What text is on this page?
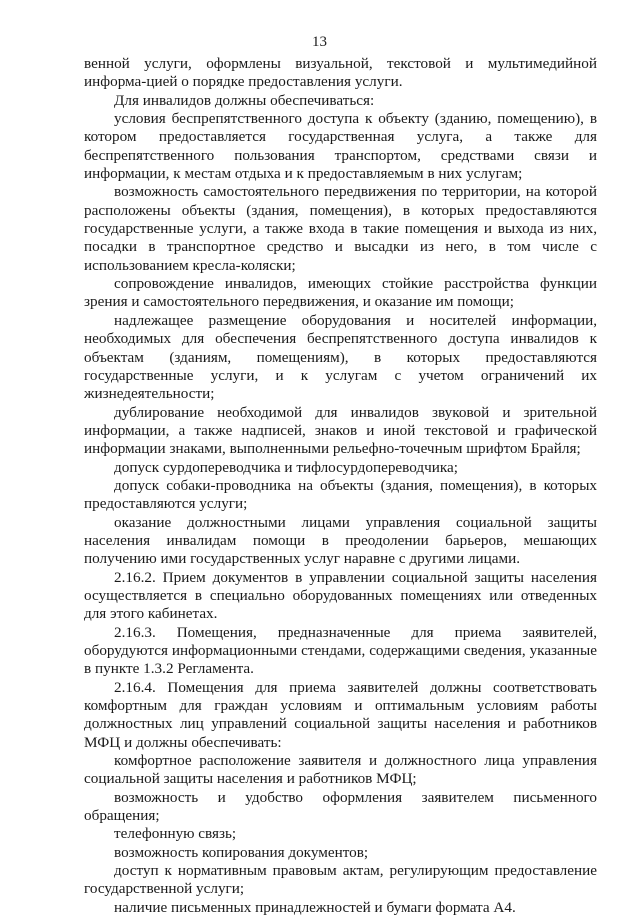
13

венной услуги, оформлены визуальной, текстовой и мультимедийной информа-цией о порядке предоставления услуги.

Для инвалидов должны обеспечиваться:

условия беспрепятственного доступа к объекту (зданию, помещению), в котором предоставляется государственная услуга, а также для беспрепятственного пользования транспортом, средствами связи и информации, к местам отдыха и к предоставляемым в них услугам;

возможность самостоятельного передвижения по территории, на которой расположены объекты (здания, помещения), в которых предоставляются государственные услуги, а также входа в такие помещения и выхода из них, посадки в транспортное средство и высадки из него, в том числе с использованием кресла-коляски;

сопровождение инвалидов, имеющих стойкие расстройства функции зрения и самостоятельного передвижения, и оказание им помощи;

надлежащее размещение оборудования и носителей информации, необходимых для обеспечения беспрепятственного доступа инвалидов к объектам (зданиям, помещениям), в которых предоставляются государственные услуги, и к услугам с учетом ограничений их жизнедеятельности;

дублирование необходимой для инвалидов звуковой и зрительной информации, а также надписей, знаков и иной текстовой и графической информации знаками, выполненными рельефно-точечным шрифтом Брайля;

допуск сурдопереводчика и тифлосурдопереводчика;

допуск собаки-проводника на объекты (здания, помещения), в которых предоставляются услуги;

оказание должностными лицами управления социальной защиты населения инвалидам помощи в преодолении барьеров, мешающих получению ими государственных услуг наравне с другими лицами.

2.16.2. Прием документов в управлении социальной защиты населения осуществляется в специально оборудованных помещениях или отведенных для этого кабинетах.

2.16.3. Помещения, предназначенные для приема заявителей, оборудуются информационными стендами, содержащими сведения, указанные в пункте 1.3.2 Регламента.

2.16.4. Помещения для приема заявителей должны соответствовать комфортным для граждан условиям и оптимальным условиям работы должностных лиц управлений социальной защиты населения и работников МФЦ и должны обеспечивать:

комфортное расположение заявителя и должностного лица управления социальной защиты населения и работников МФЦ;

возможность и удобство оформления заявителем письменного обращения;

телефонную связь;

возможность копирования документов;

доступ к нормативным правовым актам, регулирующим предоставление государственной услуги;

наличие письменных принадлежностей и бумаги формата А4.
